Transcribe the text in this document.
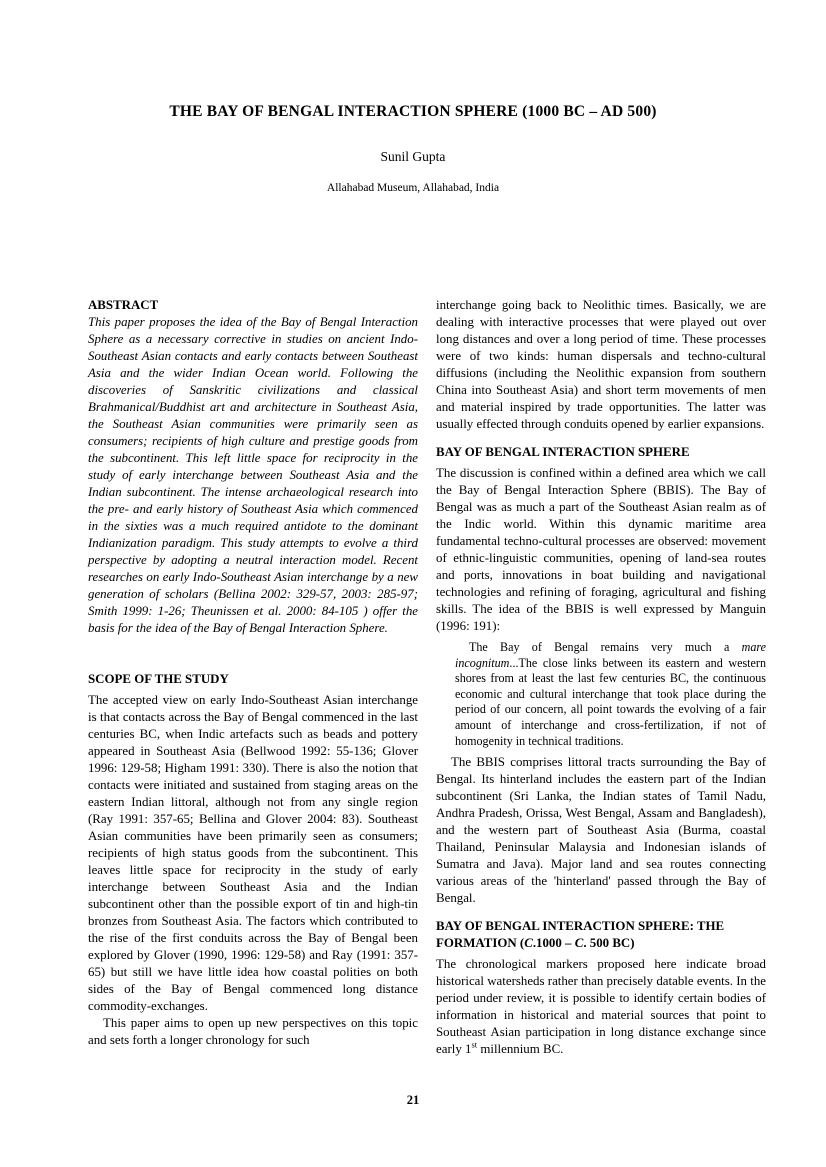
THE BAY OF BENGAL INTERACTION SPHERE (1000 BC – AD 500)
Sunil Gupta
Allahabad Museum, Allahabad, India
ABSTRACT

This paper proposes the idea of the Bay of Bengal Interaction Sphere as a necessary corrective in studies on ancient Indo-Southeast Asian contacts and early contacts between Southeast Asia and the wider Indian Ocean world. Following the discoveries of Sanskritic civilizations and classical Brahmanical/Buddhist art and architecture in Southeast Asia, the Southeast Asian communities were primarily seen as consumers; recipients of high culture and prestige goods from the subcontinent. This left little space for reciprocity in the study of early interchange between Southeast Asia and the Indian subcontinent. The intense archaeological research into the pre- and early history of Southeast Asia which commenced in the sixties was a much required antidote to the dominant Indianization paradigm. This study attempts to evolve a third perspective by adopting a neutral interaction model. Recent researches on early Indo-Southeast Asian interchange by a new generation of scholars (Bellina 2002: 329-57, 2003: 285-97; Smith 1999: 1-26; Theunissen et al. 2000: 84-105 ) offer the basis for the idea of the Bay of Bengal Interaction Sphere.

SCOPE OF THE STUDY

The accepted view on early Indo-Southeast Asian interchange is that contacts across the Bay of Bengal commenced in the last centuries BC, when Indic artefacts such as beads and pottery appeared in Southeast Asia (Bellwood 1992: 55-136; Glover 1996: 129-58; Higham 1991: 330). There is also the notion that contacts were initiated and sustained from staging areas on the eastern Indian littoral, although not from any single region (Ray 1991: 357-65; Bellina and Glover 2004: 83). Southeast Asian communities have been primarily seen as consumers; recipients of high status goods from the subcontinent. This leaves little space for reciprocity in the study of early interchange between Southeast Asia and the Indian subcontinent other than the possible export of tin and high-tin bronzes from Southeast Asia. The factors which contributed to the rise of the first conduits across the Bay of Bengal been explored by Glover (1990, 1996: 129-58) and Ray (1991: 357-65) but still we have little idea how coastal polities on both sides of the Bay of Bengal commenced long distance commodity-exchanges.

This paper aims to open up new perspectives on this topic and sets forth a longer chronology for such

interchange going back to Neolithic times. Basically, we are dealing with interactive processes that were played out over long distances and over a long period of time. These processes were of two kinds: human dispersals and techno-cultural diffusions (including the Neolithic expansion from southern China into Southeast Asia) and short term movements of men and material inspired by trade opportunities. The latter was usually effected through conduits opened by earlier expansions.

BAY OF BENGAL INTERACTION SPHERE

The discussion is confined within a defined area which we call the Bay of Bengal Interaction Sphere (BBIS). The Bay of Bengal was as much a part of the Southeast Asian realm as of the Indic world. Within this dynamic maritime area fundamental techno-cultural processes are observed: movement of ethnic-linguistic communities, opening of land-sea routes and ports, innovations in boat building and navigational technologies and refining of foraging, agricultural and fishing skills. The idea of the BBIS is well expressed by Manguin (1996: 191):

The Bay of Bengal remains very much a mare incognitum...The close links between its eastern and western shores from at least the last few centuries BC, the continuous economic and cultural interchange that took place during the period of our concern, all point towards the evolving of a fair amount of interchange and cross-fertilization, if not of homogenity in technical traditions.

The BBIS comprises littoral tracts surrounding the Bay of Bengal. Its hinterland includes the eastern part of the Indian subcontinent (Sri Lanka, the Indian states of Tamil Nadu, Andhra Pradesh, Orissa, West Bengal, Assam and Bangladesh), and the western part of Southeast Asia (Burma, coastal Thailand, Peninsular Malaysia and Indonesian islands of Sumatra and Java). Major land and sea routes connecting various areas of the 'hinterland' passed through the Bay of Bengal.

BAY OF BENGAL INTERACTION SPHERE: THE FORMATION (C.1000 – C. 500 BC)

The chronological markers proposed here indicate broad historical watersheds rather than precisely datable events. In the period under review, it is possible to identify certain bodies of information in historical and material sources that point to Southeast Asian participation in long distance exchange since early 1st millennium BC.

21
